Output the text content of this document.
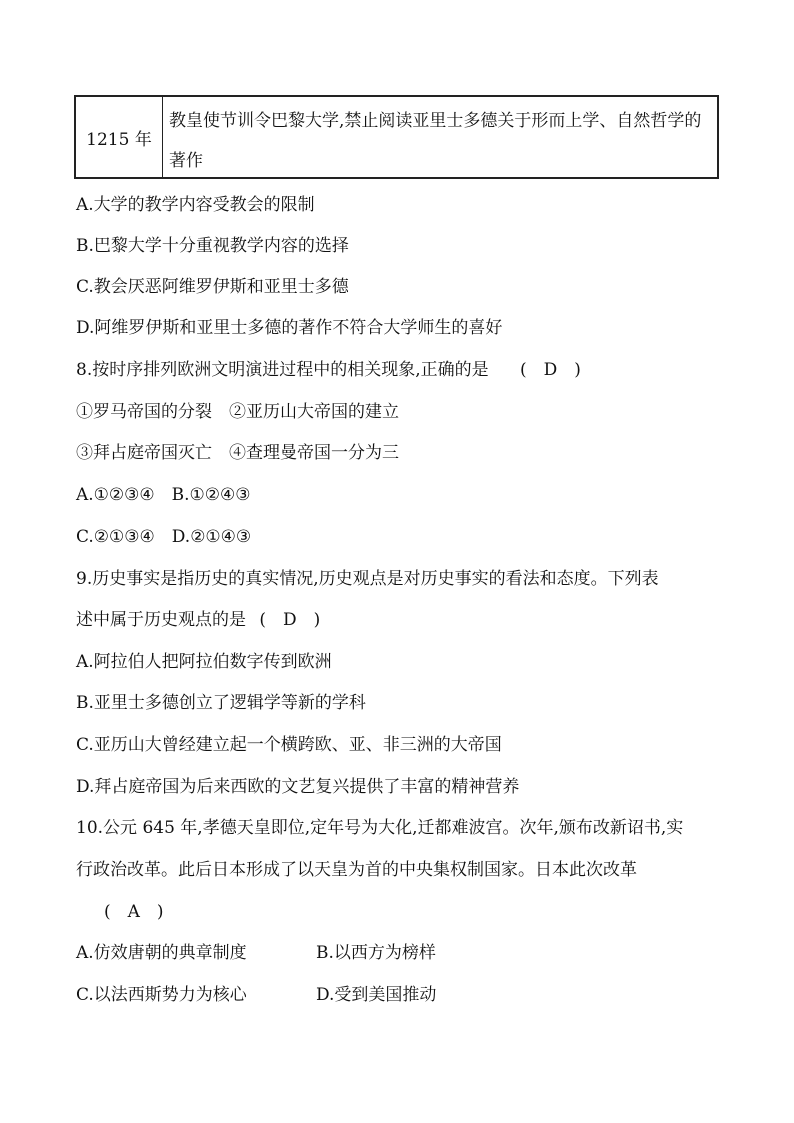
1215 年
教皇使节训令巴黎大学,禁止阅读亚里士多德关于形而上学、自然哲学的著作
A.大学的教学内容受教会的限制
B.巴黎大学十分重视教学内容的选择
C.教会厌恶阿维罗伊斯和亚里士多德
D.阿维罗伊斯和亚里士多德的著作不符合大学师生的喜好
8.按时序排列欧洲文明演进过程中的相关现象,正确的是 ( D )
①罗马帝国的分裂 ②亚历山大帝国的建立
③拜占庭帝国灭亡 ④查理曼帝国一分为三
A.①②③④ B.①②④③
C.②①③④ D.②①④③
9.历史事实是指历史的真实情况,历史观点是对历史事实的看法和态度。下列表
述中属于历史观点的是 ( D )
A.阿拉伯人把阿拉伯数字传到欧洲
B.亚里士多德创立了逻辑学等新的学科
C.亚历山大曾经建立起一个横跨欧、亚、非三洲的大帝国
D.拜占庭帝国为后来西欧的文艺复兴提供了丰富的精神营养
10.公元 645 年,孝德天皇即位,定年号为大化,迁都难波宫。次年,颁布改新诏书,实
行政治改革。此后日本形成了以天皇为首的中央集权制国家。日本此次改革
( A )
A.仿效唐朝的典章制度	B.以西方为榜样
C.以法西斯势力为核心	D.受到美国推动
